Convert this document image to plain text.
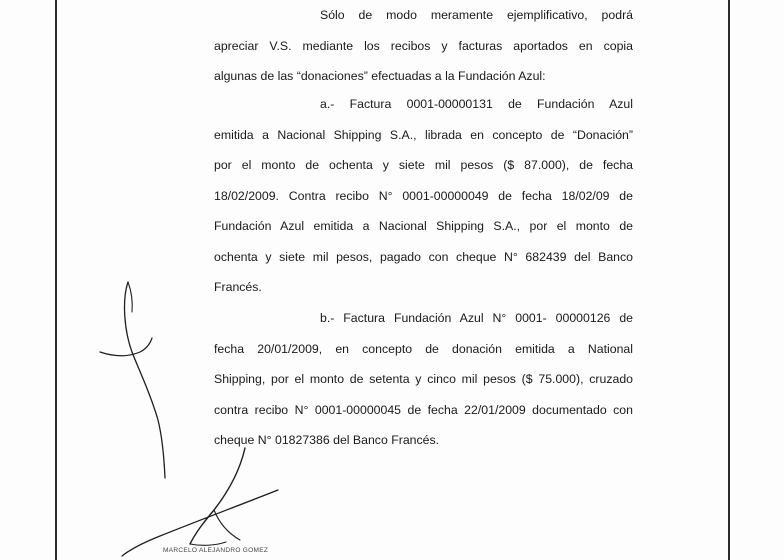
Sólo de modo meramente ejemplificativo, podrá
apreciar V.S. mediante los recibos y facturas aportados en copia
algunas de las “donaciones” efectuadas a la Fundación Azul:
a.- Factura 0001-00000131 de Fundación Azul
emitida a Nacional Shipping S.A., librada en concepto de “Donación”
por el monto de ochenta y siete mil pesos ($ 87.000), de fecha
18/02/2009. Contra recibo N° 0001-00000049 de fecha 18/02/09 de
Fundación Azul emitida a Nacional Shipping S.A., por el monto de
ochenta y siete mil pesos, pagado con cheque N° 682439 del Banco
Francés.
b.- Factura Fundación Azul N° 0001- 00000126 de
fecha 20/01/2009, en concepto de donación emitida a National
Shipping, por el monto de setenta y cinco mil pesos ($ 75.000), cruzado
contra recibo N° 0001-00000045 de fecha 22/01/2009 documentado con
cheque N° 01827386 del Banco Francés.
MARCELO ALEJANDRO GOMEZ
